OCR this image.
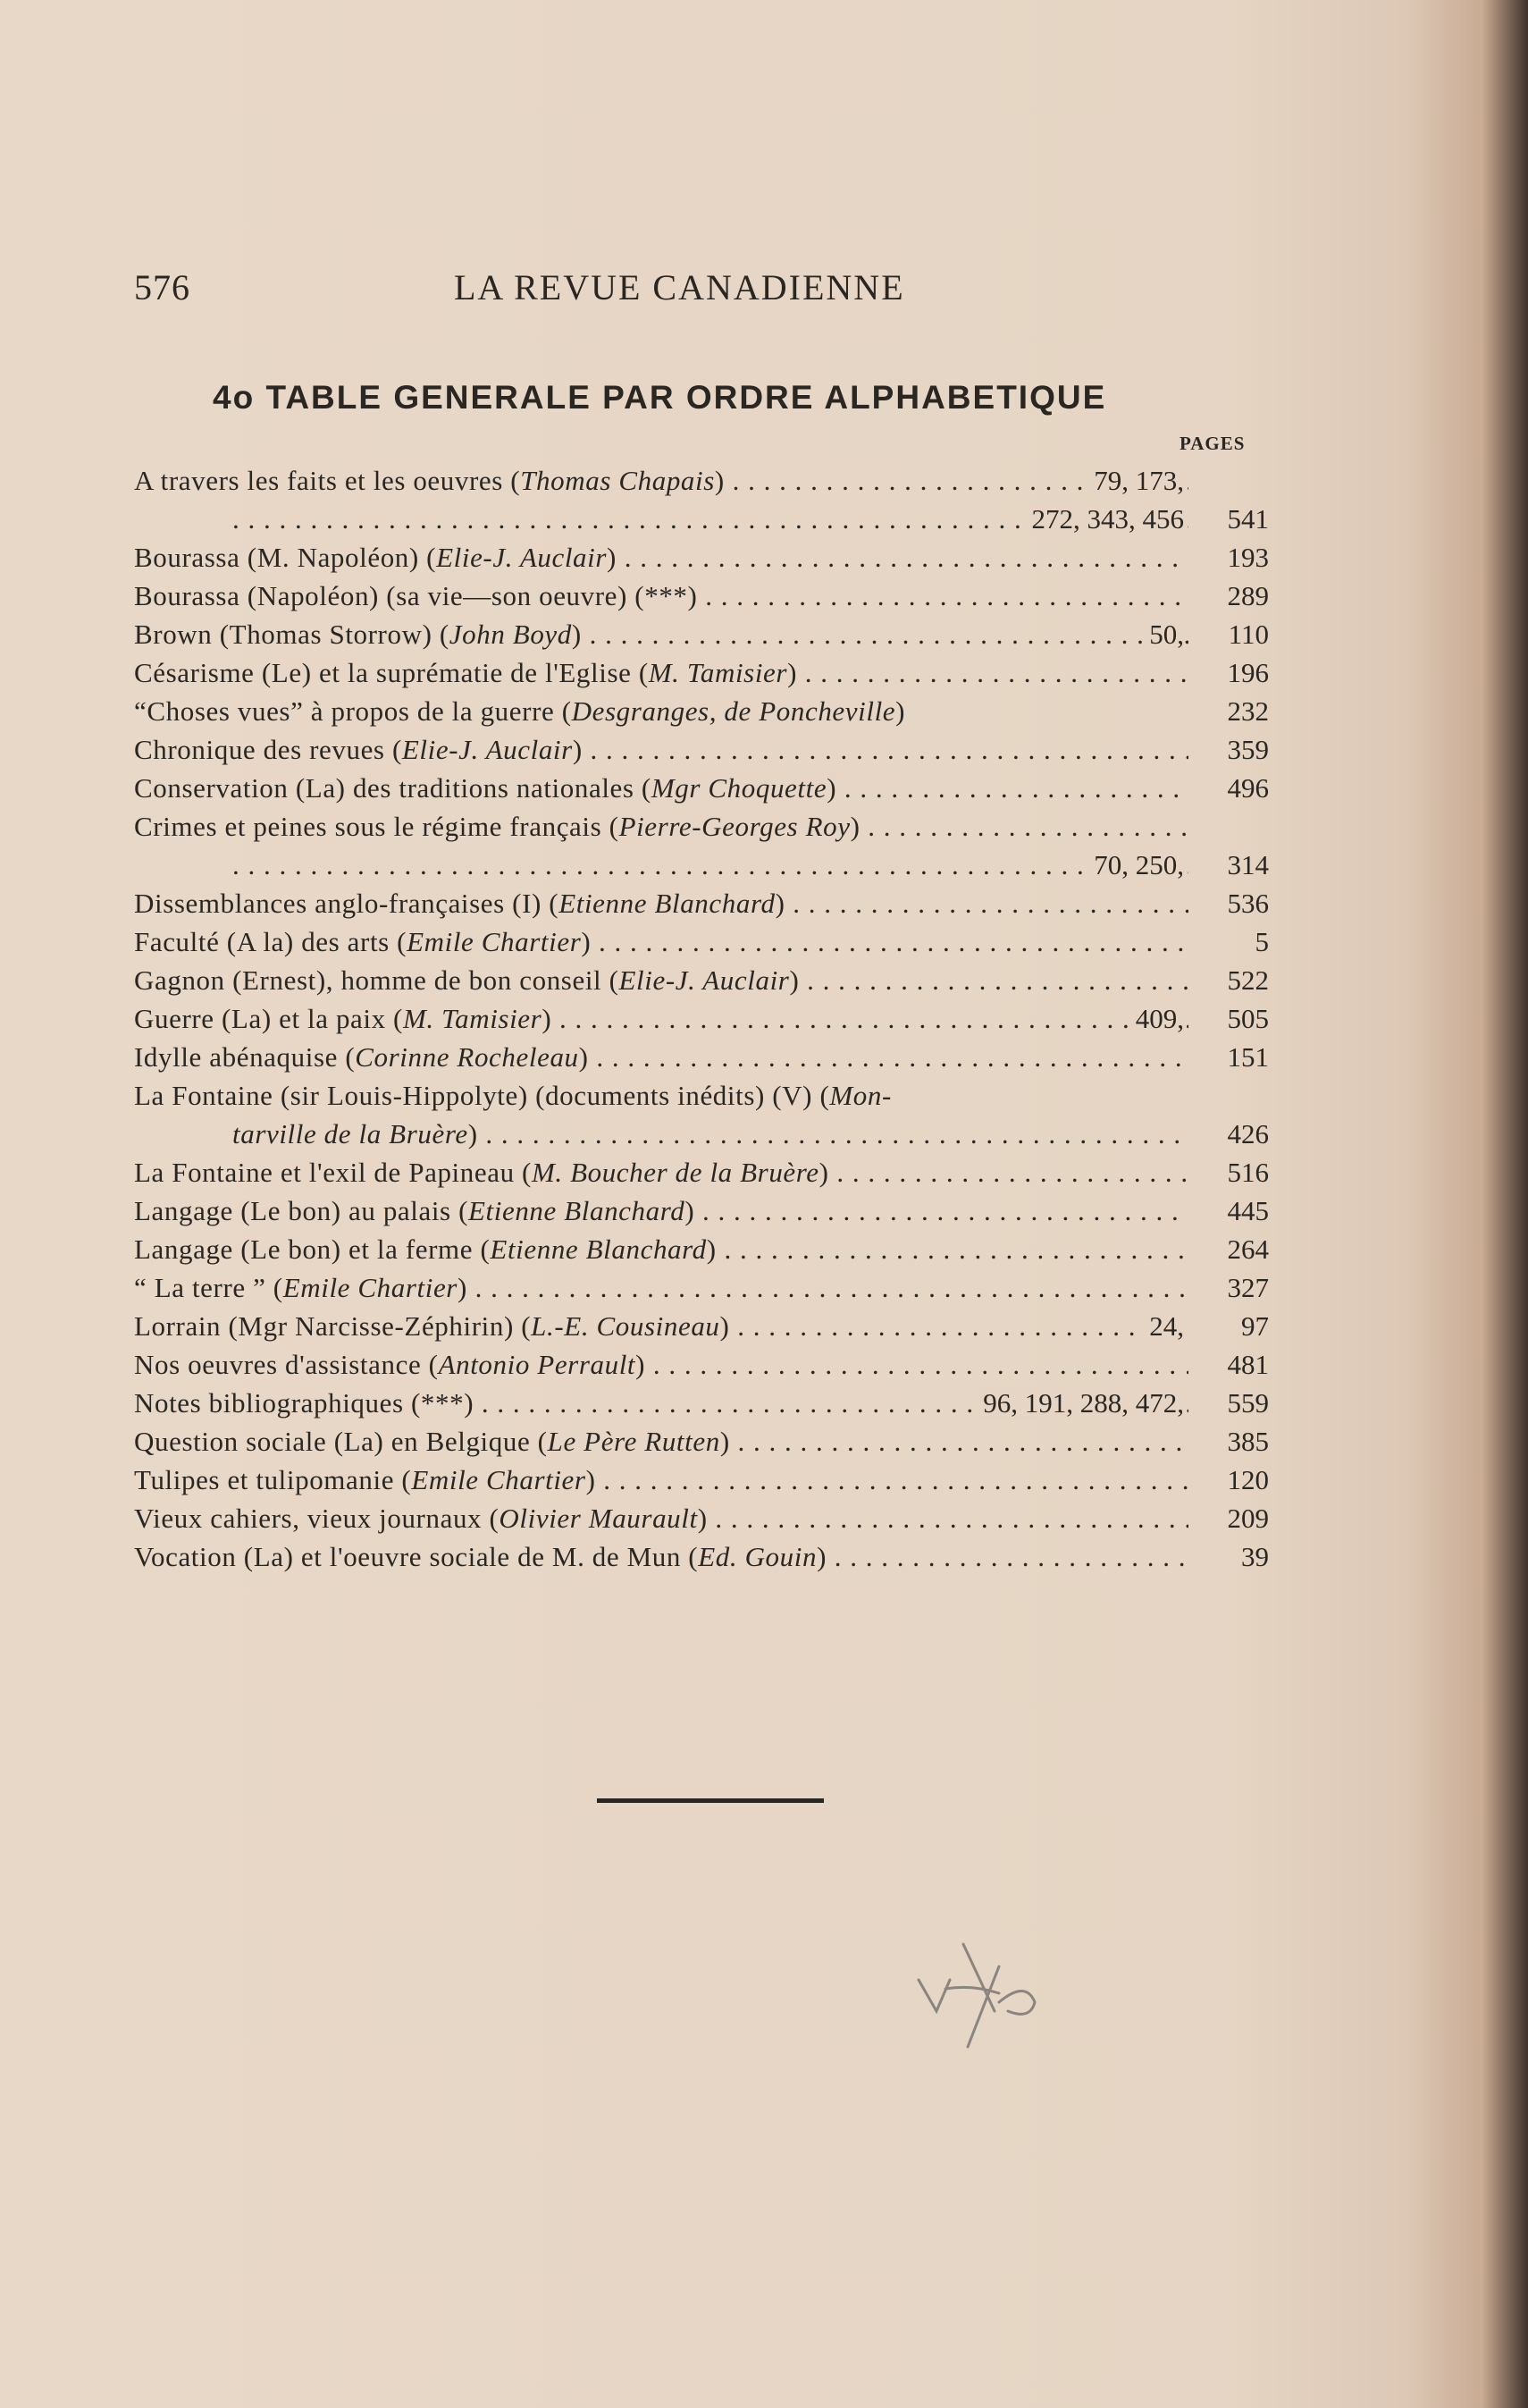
576	LA REVUE CANADIENNE
4o TABLE GENERALE PAR ORDRE ALPHABETIQUE
PAGES
A travers les faits et les oeuvres (Thomas Chapais) . . .	79, 173,
. . .
272, 343, 456	541
Bourassa (M. Napoléon) (Elie-J. Auclair) . . .	193
Bourassa (Napoléon) (sa vie—son oeuvre) (***) . . .	289
Brown (Thomas Storrow) (John Boyd) . . .	50,	110
Césarisme (Le) et la suprématie de l'Eglise (M. Tamisier) . . .	196
“Choses vues” à propos de la guerre (Desgranges, de Poncheville)	232
Chronique des revues (Elie-J. Auclair) . . .	359
Conservation (La) des traditions nationales (Mgr Choquette) . . .	496
Crimes et peines sous le régime français (Pierre-Georges Roy) . . .
. . .
70, 250,	314
Dissemblances anglo-françaises (I) (Etienne Blanchard) . . .	536
Faculté (A la) des arts (Emile Chartier) . . .	5
Gagnon (Ernest), homme de bon conseil (Elie-J. Auclair) . . .	522
Guerre (La) et la paix (M. Tamisier) . . .	409,	505
Idylle abénaquise (Corinne Rocheleau) . . .	151
La Fontaine (sir Louis-Hippolyte) (documents inédits) (V) (Mon-
tarville de la Bruère) . . .	426
La Fontaine et l'exil de Papineau (M. Boucher de la Bruère) . . .	516
Langage (Le bon) au palais (Etienne Blanchard) . . .	445
Langage (Le bon) et la ferme (Etienne Blanchard) . . .	264
“ La terre ” (Emile Chartier) . . .	327
Lorrain (Mgr Narcisse-Zéphirin) (L.-E. Cousineau) . . .	24,	97
Nos oeuvres d'assistance (Antonio Perrault) . . .	481
Notes bibliographiques (***) . . .	96, 191, 288, 472,	559
Question sociale (La) en Belgique (Le Père Rutten) . . .	385
Tulipes et tulipomanie (Emile Chartier) . . .	120
Vieux cahiers, vieux journaux (Olivier Maurault) . . .	209
Vocation (La) et l'oeuvre sociale de M. de Mun (Ed. Gouin) . . .	39
